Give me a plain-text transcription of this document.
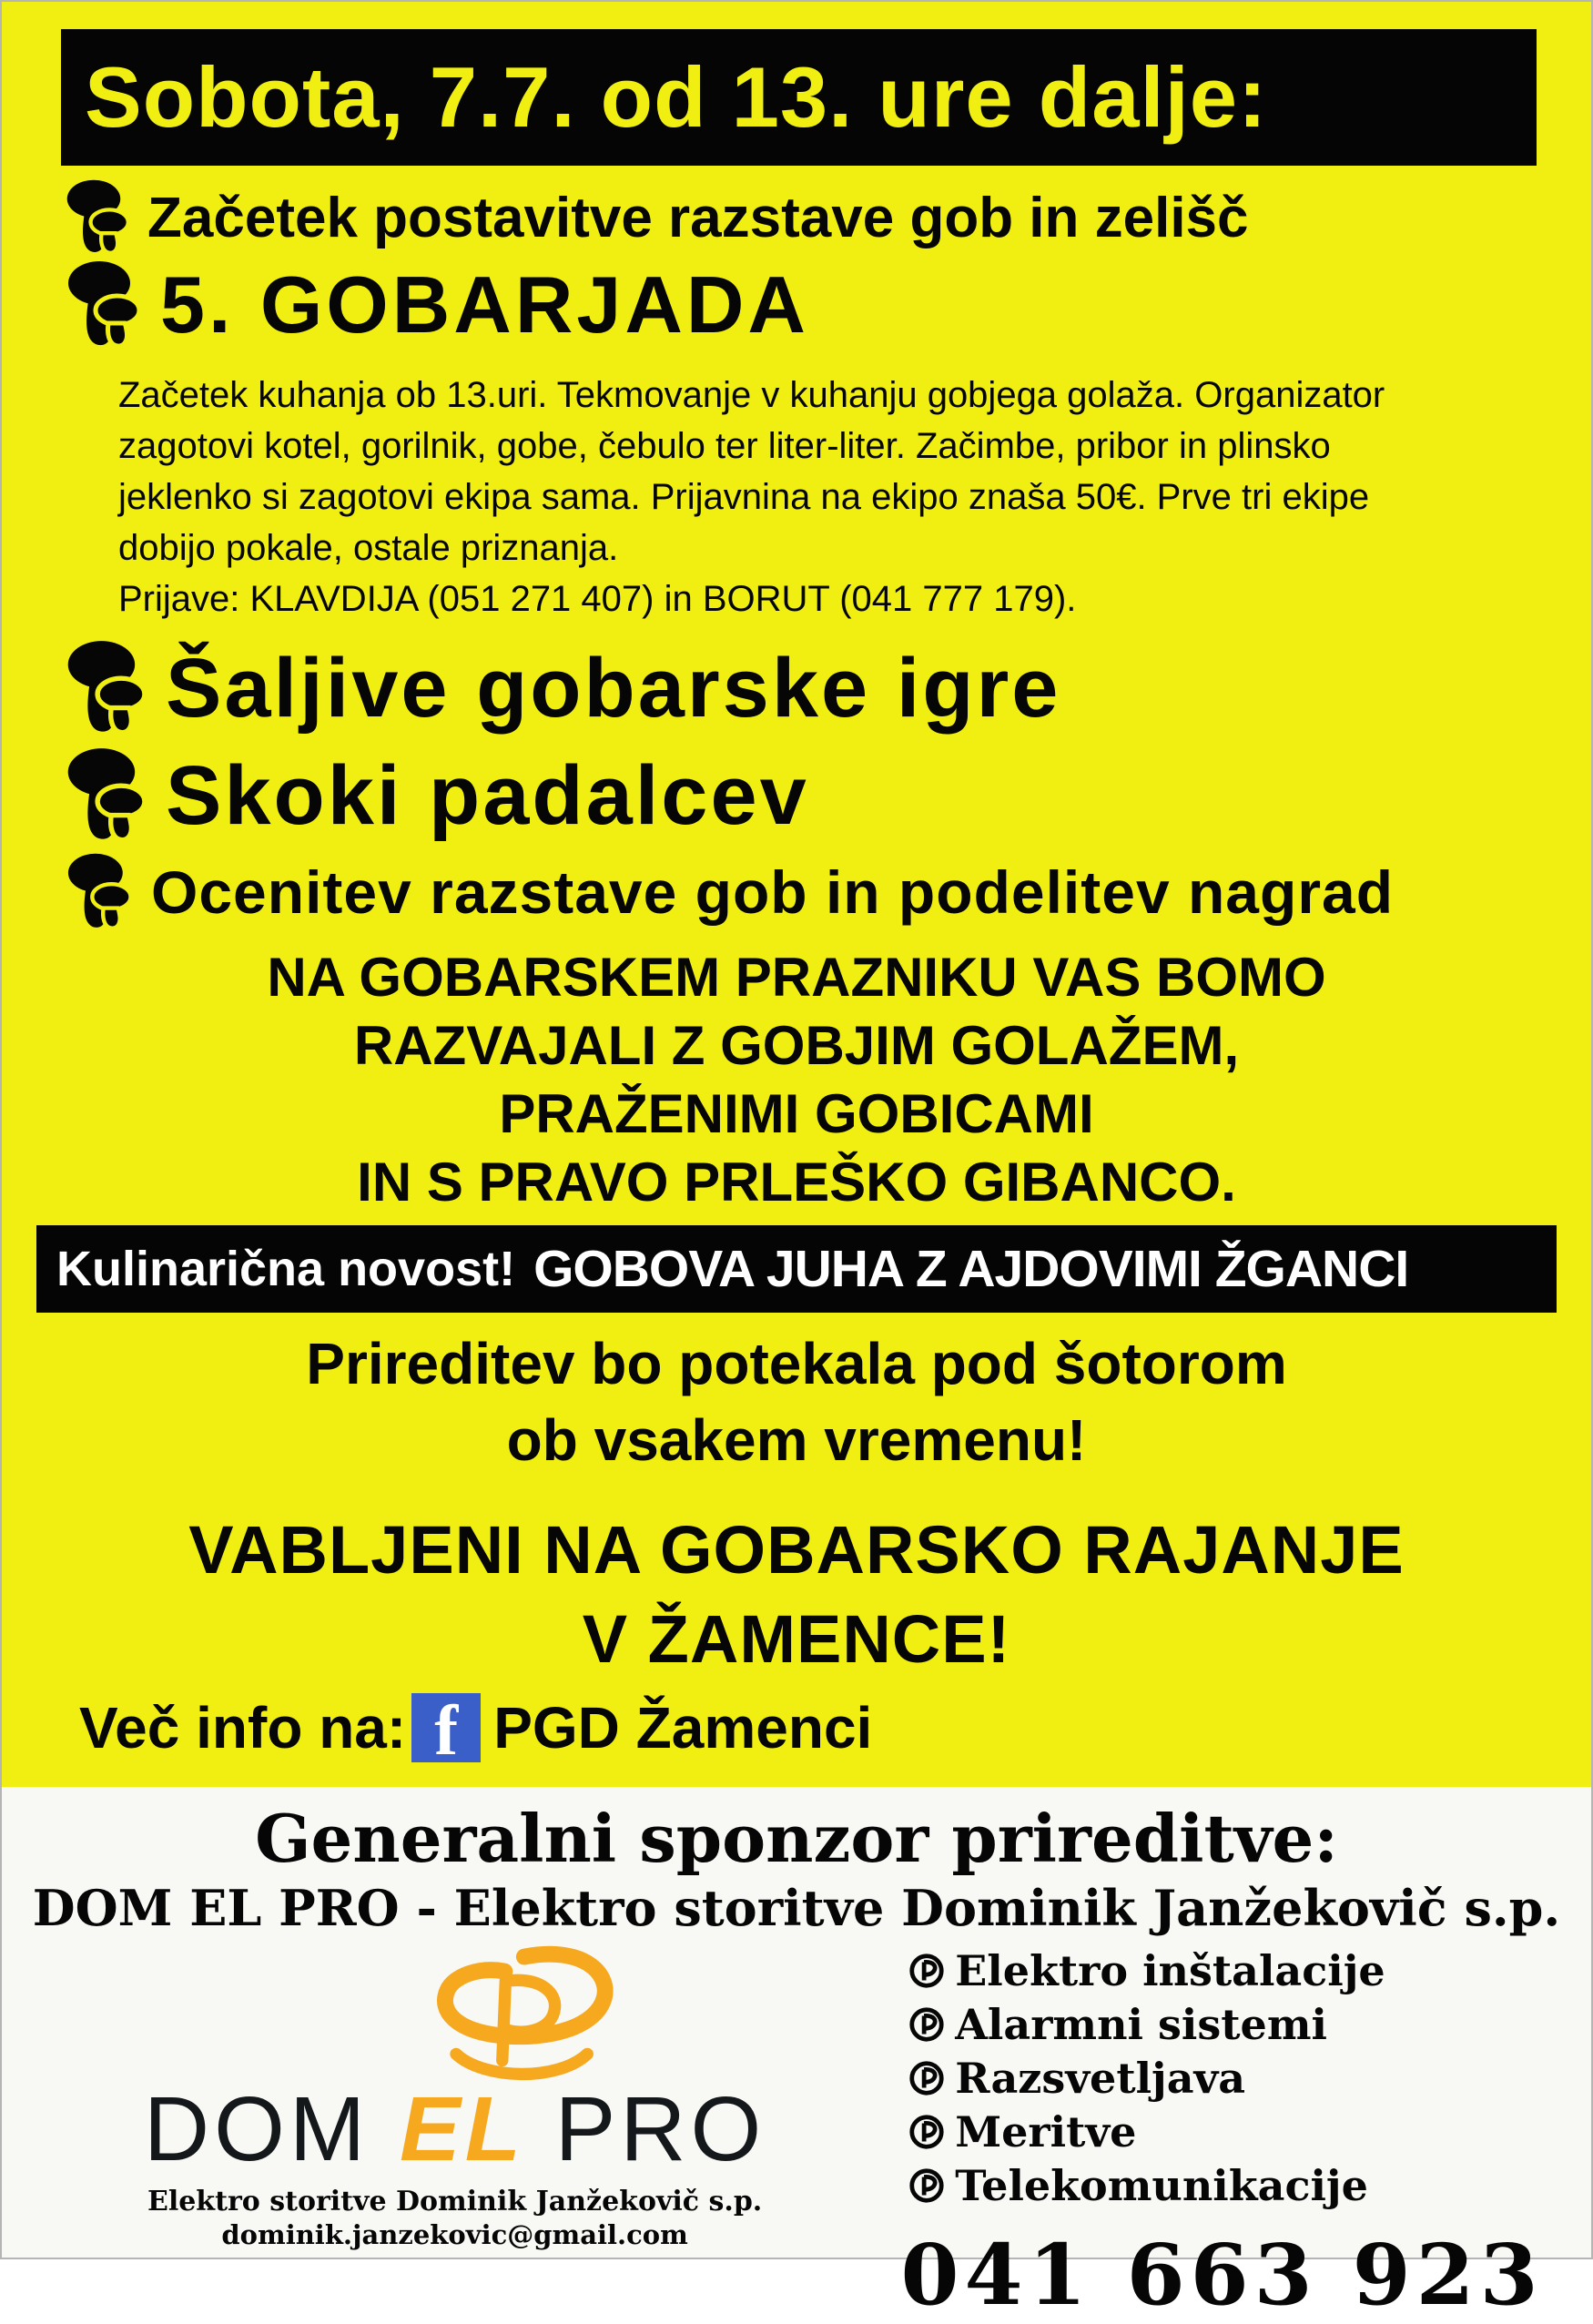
Sobota, 7.7. od 13. ure dalje:
Začetek postavitve razstave gob in zelišč
5. GOBARJADA
Začetek kuhanja ob 13.uri. Tekmovanje v kuhanju gobjega golaža. Organizator
zagotovi kotel, gorilnik, gobe, čebulo ter liter-liter. Začimbe, pribor in plinsko
jeklenko si zagotovi ekipa sama. Prijavnina na ekipo znaša 50€. Prve tri ekipe
dobijo pokale, ostale priznanja.
Prijave: KLAVDIJA (051 271 407) in BORUT (041 777 179).
Šaljive gobarske igre
Skoki padalcev
Ocenitev razstave gob in podelitev nagrad
NA GOBARSKEM PRAZNIKU VAS BOMO
RAZVAJALI Z GOBJIM GOLAŽEM,
PRAŽENIMI GOBICAMI
IN S PRAVO PRLEŠKO GIBANCO.
Kulinarična novost! GOBOVA JUHA Z AJDOVIMI ŽGANCI
Prireditev bo potekala pod šotorom
ob vsakem vremenu!
VABLJENI NA GOBARSKO RAJANJE
V ŽAMENCE!
Več info na: f PGD Žamenci
Generalni sponzor prireditve:
DOM EL PRO - Elektro storitve Dominik Janžekovič s.p.
DOM EL PRO
Elektro storitve Dominik Janžekovič s.p.
dominik.janzekovic@gmail.com
Elektro inštalacije
Alarmni sistemi
Razsvetljava
Meritve
Telekomunikacije
041 663 923
